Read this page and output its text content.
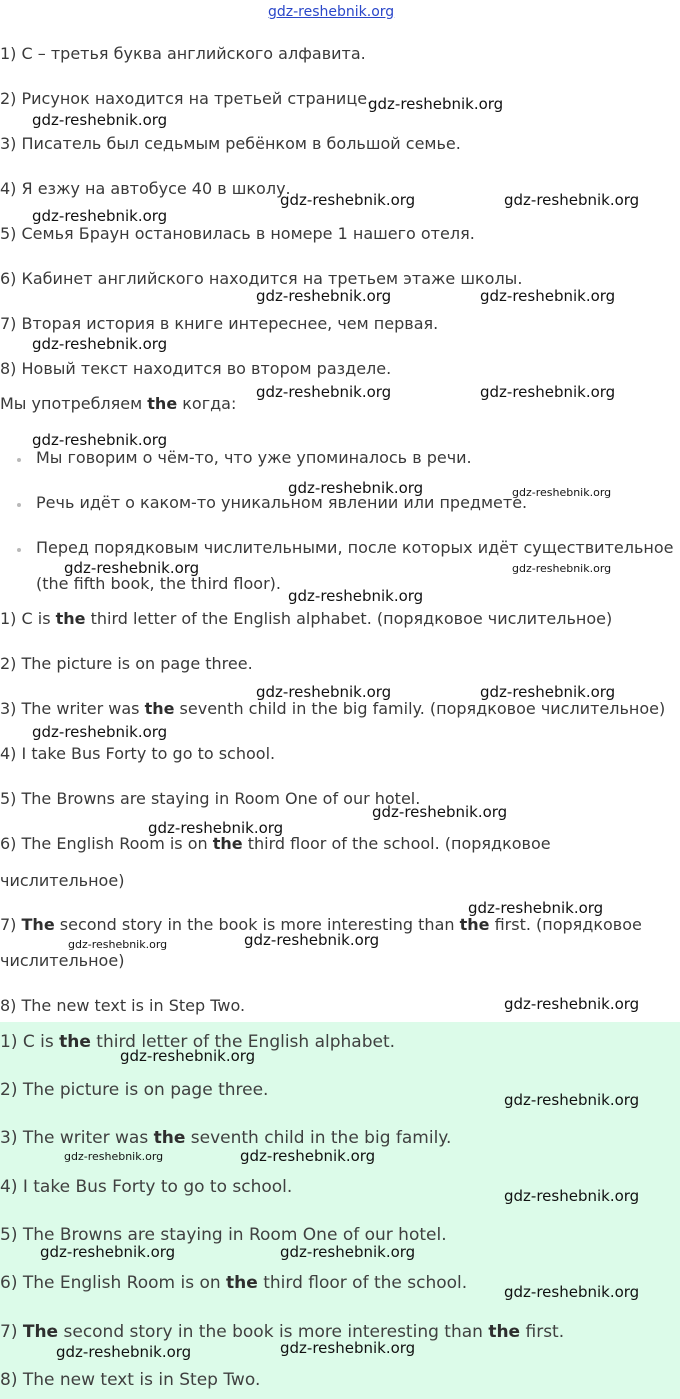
gdz-reshebnik.org
1) С – третья буква английского алфавита.
2) Рисунок находится на третьей странице.
3) Писатель был седьмым ребёнком в большой семье.
4) Я езжу на автобусе 40 в школу.
5) Семья Браун остановилась в номере 1 нашего отеля.
6) Кабинет английского находится на третьем этаже школы.
7) Вторая история в книге интереснее, чем первая.
8) Новый текст находится во втором разделе.
Мы употребляем the когда:
Мы говорим о чём-то, что уже упоминалось в речи.
Речь идёт о каком-то уникальном явлении или предмете.
Перед порядковым числительными, после которых идёт существительное
(the fifth book, the third floor).
1) C is the third letter of the English alphabet. (порядковое числительное)
2) The picture is on page three.
3) The writer was the seventh child in the big family. (порядковое числительное)
4) I take Bus Forty to go to school.
5) The Browns are staying in Room One of our hotel.
6) The English Room is on the third floor of the school. (порядковое
числительное)
7) The second story in the book is more interesting than the first. (порядковое
числительное)
8) The new text is in Step Two.
1) C is the third letter of the English alphabet.
2) The picture is on page three.
3) The writer was the seventh child in the big family.
4) I take Bus Forty to go to school.
5) The Browns are staying in Room One of our hotel.
6) The English Room is on the third floor of the school.
7) The second story in the book is more interesting than the first.
8) The new text is in Step Two.
gdz-reshebnik.org
gdz-reshebnik.org
gdz-reshebnik.org	gdz-reshebnik.org
gdz-reshebnik.org
gdz-reshebnik.org	gdz-reshebnik.org
gdz-reshebnik.org
gdz-reshebnik.org	gdz-reshebnik.org
gdz-reshebnik.org
gdz-reshebnik.org	gdz-reshebnik.org
gdz-reshebnik.org	gdz-reshebnik.org
gdz-reshebnik.org
gdz-reshebnik.org	gdz-reshebnik.org
gdz-reshebnik.org
gdz-reshebnik.org
gdz-reshebnik.org
gdz-reshebnik.org
gdz-reshebnik.org	gdz-reshebnik.org
gdz-reshebnik.org
gdz-reshebnik.org
gdz-reshebnik.org
gdz-reshebnik.org	gdz-reshebnik.org
gdz-reshebnik.org
gdz-reshebnik.org	gdz-reshebnik.org
gdz-reshebnik.org
gdz-reshebnik.org	gdz-reshebnik.org
